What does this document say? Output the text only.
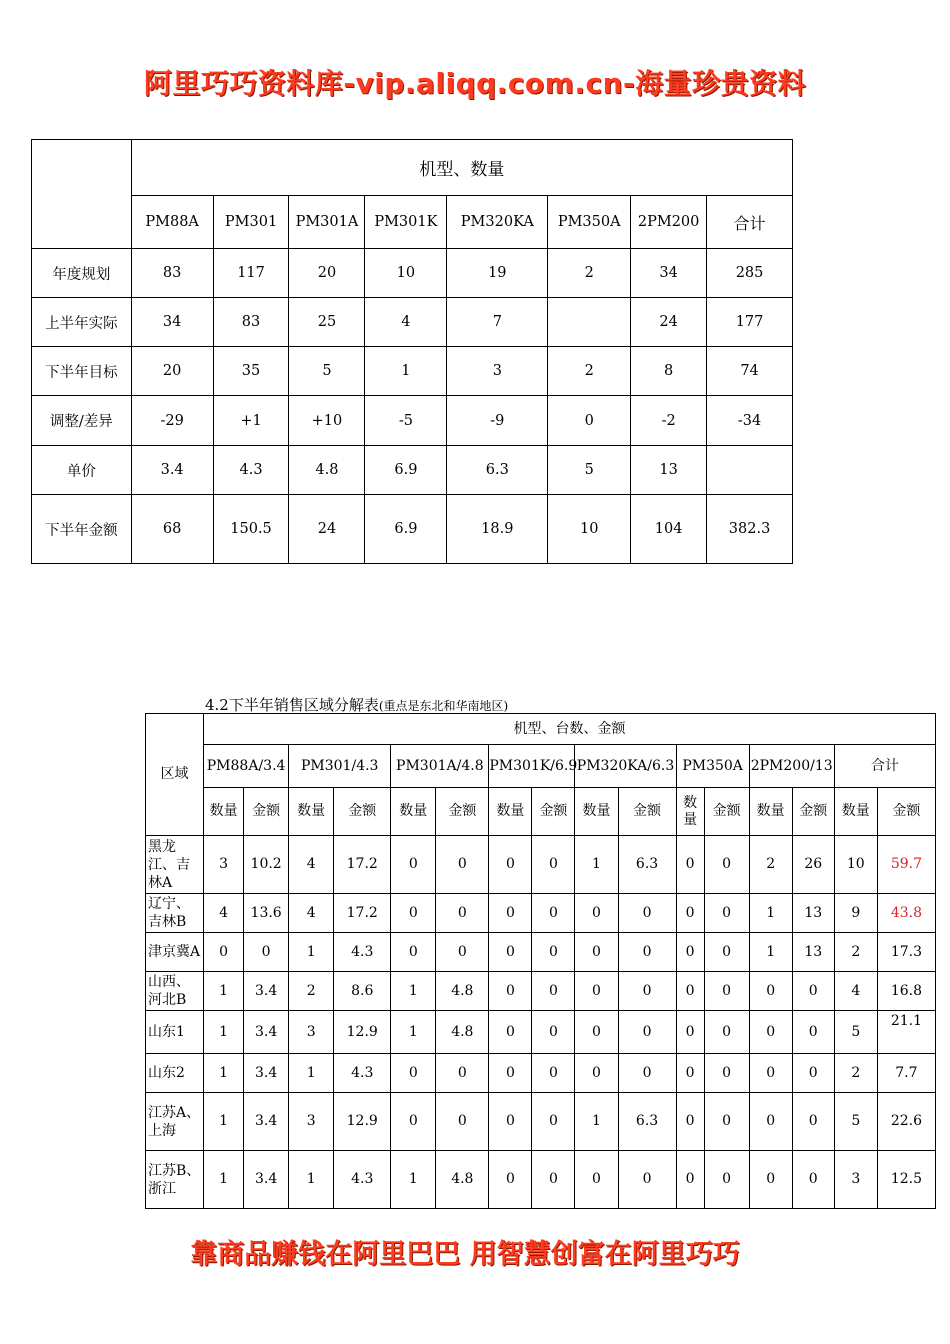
阿里巧巧资料库-vip.aliqq.com.cn-海量珍贵资料
	机型、数量							
	PM88A	PM301	PM301A	PM301K	PM320KA	PM350A	2PM200	合计
年度规划	83	117	20	10	19	2	34	285
上半年实际	34	83	25	4	7		24	177
下半年目标	20	35	5	1	3	2	8	74
调整/差异	-29	+1	+10	-5	-9	0	-2	-34
单价	3.4	4.3	4.8	6.9	6.3	5	13	
下半年金额	68	150.5	24	6.9	18.9	10	104	382.3
4.2下半年销售区域分解表(重点是东北和华南地区)
区域	机型、台数、金额															
	PM88A/3.4		PM301/4.3		PM301A/4.8		PM301K/6.9		PM320KA/6.3		PM350A		2PM200/13		合计	
	数量	金额	数量	金额	数量	金额	数量	金额	数量	金额	数量	金额	数量	金额	数量	金额
黑龙江、吉林A	3	10.2	4	17.2	0	0	0	0	1	6.3	0	0	2	26	10	59.7
辽宁、吉林B	4	13.6	4	17.2	0	0	0	0	0	0	0	0	1	13	9	43.8
津京冀A	0	0	1	4.3	0	0	0	0	0	0	0	0	1	13	2	17.3
山西、河北B	1	3.4	2	8.6	1	4.8	0	0	0	0	0	0	0	0	4	16.8
山东1	1	3.4	3	12.9	1	4.8	0	0	0	0	0	0	0	0	5	21.1
山东2	1	3.4	1	4.3	0	0	0	0	0	0	0	0	0	0	2	7.7
江苏A、上海	1	3.4	3	12.9	0	0	0	0	1	6.3	0	0	0	0	5	22.6
江苏B、浙江	1	3.4	1	4.3	1	4.8	0	0	0	0	0	0	0	0	3	12.5
靠商品赚钱在阿里巴巴 用智慧创富在阿里巧巧
